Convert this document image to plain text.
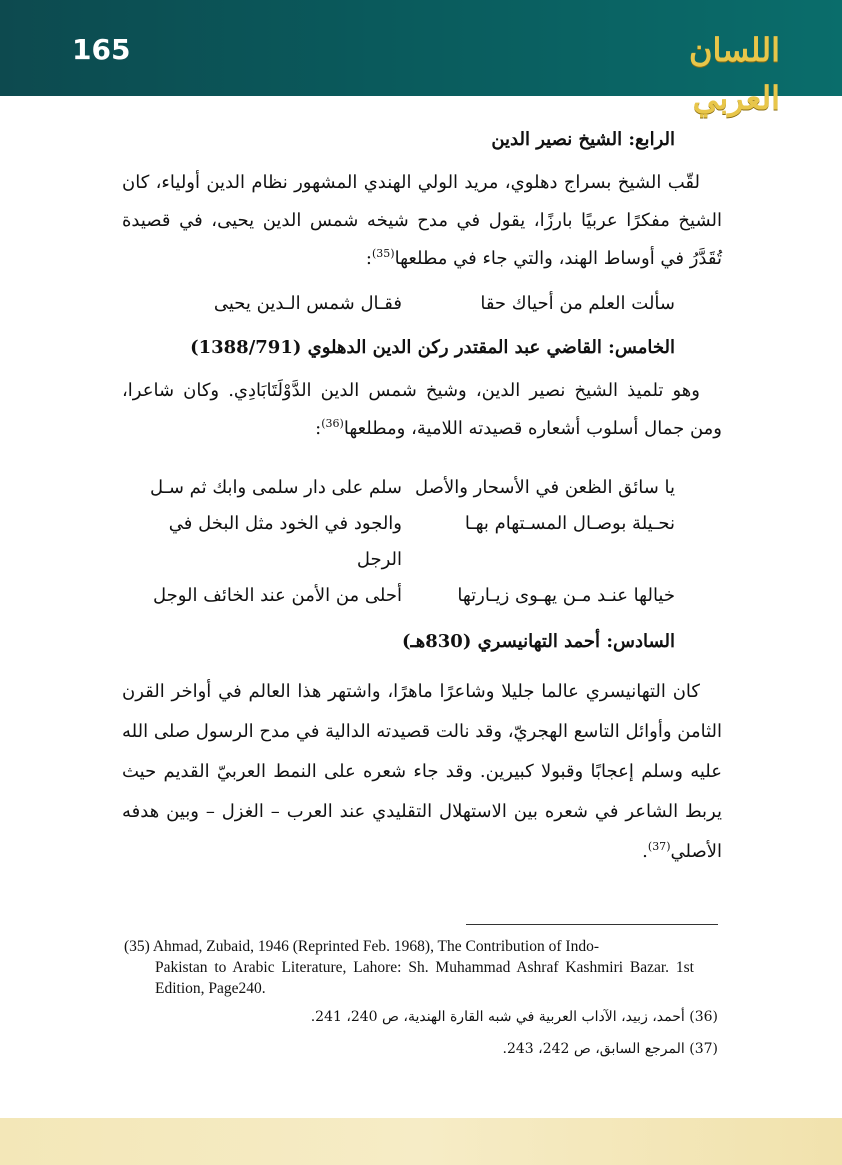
165	اللسان العربي
الرابع: الشيخ نصير الدين

لقّب الشيخ بسراج دهلوي، مريد الولي الهندي المشهور نظام الدين أولياء، كان الشيخ مفكرًا عربيًا بارزًا، يقول في مدح شيخه شمس الدين يحيى، في قصيدة تُقَدَّرُ في أوساط الهند، والتي جاء في مطلعها$^{(35)}$:

سألت العلم من أحياك حقا
فقـال شمس الـدين يحيى
الخامس: القاضي عبد المقتدر ركن الدين الدهلوي (1388/791)

وهو تلميذ الشيخ نصير الدين، وشيخ شمس الدين الدَّوْلَتَابَادِي. وكان شاعرا، ومن جمال أسلوب أشعاره قصيدته اللامية، ومطلعها$^{(36)}$:

يا سائق الظعن في الأسحار والأصل
سلم على دار سلمى وابك ثم سـل
نحـيلة بوصـال المسـتهام بهـا
والجود في الخود مثل البخل في الرجل
خيالها عنـد مـن يهـوى زيـارتها
أحلى من الأمن عند الخائف الوجل
السادس: أحمد التهانيسري (830هـ)

كان التهانيسري عالما جليلا وشاعرًا ماهرًا، واشتهر هذا العالم في أواخر القرن الثامن وأوائل التاسع الهجريّ، وقد نالت قصيدته الدالية في مدح الرسول صلى الله عليه وسلم إعجابًا وقبولا كبيرين. وقد جاء شعره على النمط العربيّ القديم حيث يربط الشاعر في شعره بين الاستهلال التقليدي عند العرب – الغزل – وبين هدفه الأصلي$^{(37)}$.

(35) Ahmad, Zubaid, 1946 (Reprinted Feb. 1968), The Contribution of Indo-
Pakistan to Arabic Literature, Lahore: Sh. Muhammad Ashraf Kashmiri Bazar. 1st Edition, Page240.
(36) أحمد، زبيد، الآداب العربية في شبه القارة الهندية، ص 240، 241.
(37) المرجع السابق، ص 242، 243.
